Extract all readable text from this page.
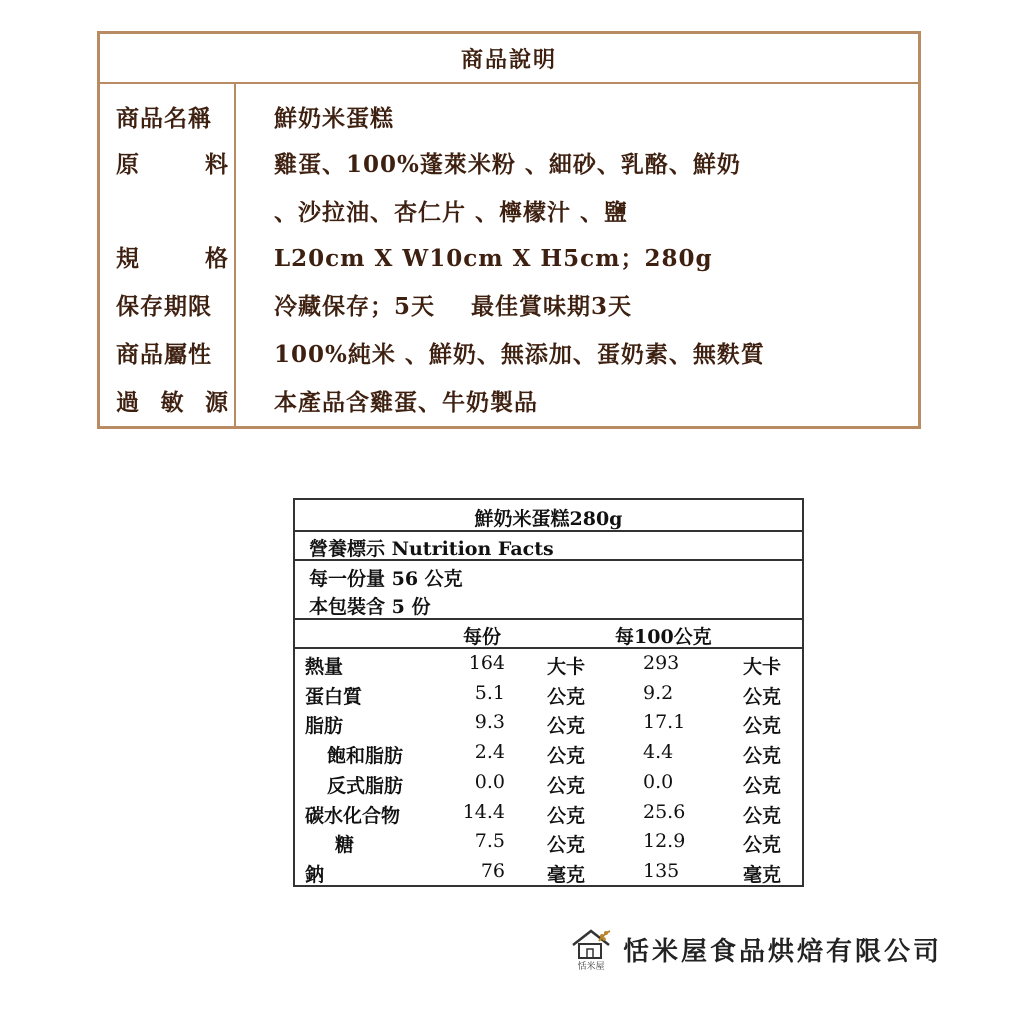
商品說明
商品名稱	鮮奶米蛋糕
原	料 雞蛋、100%蓬萊米粉 、細砂、乳酪、鮮奶
、沙拉油、杏仁片 、檸檬汁 、鹽
規	格 L20cm X W10cm X H5cm；280g
保存期限	冷藏保存；5天    最佳賞味期3天
商品屬性	100%純米 、鮮奶、無添加、蛋奶素、無麩質
過 敏 源 本產品含雞蛋、牛奶製品
鮮奶米蛋糕280g
營養標示 Nutrition Facts
每一份量 56 公克
本包裝含 5 份
每份	每100公克
熱量	164 大卡	293	大卡
蛋白質	5.1 公克	9.2	公克
脂肪	9.3 公克	17.1	公克
飽和脂肪	2.4 公克	4.4	公克
反式脂肪	0.0 公克	0.0	公克
碳水化合物	14.4 公克	25.6	公克
糖	7.5 公克	12.9	公克
鈉	76 毫克	135	毫克
恬米屋 恬米屋食品烘焙有限公司
